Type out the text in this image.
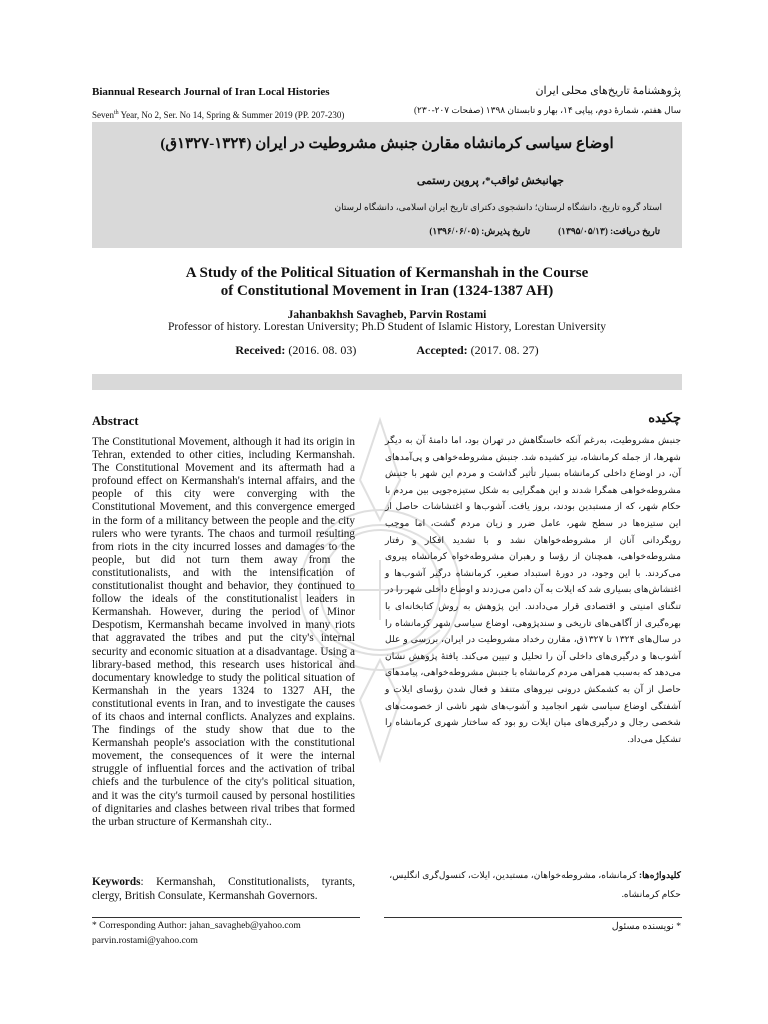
Biannual Research Journal of Iran Local Histories
Seven$^{th}$ Year, No 2, Ser. No 14, Spring & Summer 2019 (PP. 207-230)
پژوهشنامهٔ تاریخ‌های محلی ایران
سال هفتم، شمارهٔ دوم، پیاپی ۱۴، بهار و تابستان ۱۳۹۸ (صفحات ۲۰۷-۲۳۰)
اوضاع سیاسی کرمانشاه مقارن جنبش مشروطیت در ایران (۱۳۲۴-۱۳۲۷ق)
جهانبخش ثواقب*، پروین رستمی
استاد گروه تاریخ، دانشگاه لرستان؛ دانشجوی دکترای تاریخ ایران اسلامی، دانشگاه لرستان
تاریخ دریافت: (۱۳۹۵/۰۵/۱۳)
تاریخ پذیرش: (۱۳۹۶/۰۶/۰۵)
A Study of the Political Situation of Kermanshah in the Course
of Constitutional Movement in Iran (1324-1387 AH)
Jahanbakhsh Savagheb, Parvin Rostami
Professor of history. Lorestan University; Ph.D Student of Islamic History, Lorestan University
Received: (2016. 08. 03)	Accepted: (2017. 08. 27)
Abstract
The Constitutional Movement, although it had its origin in Tehran, extended to other cities, including Kermanshah. The Constitutional Movement and its aftermath had a profound effect on Kermanshah's internal affairs, and the people of this city were converging with the Constitutional Movement, and this convergence emerged in the form of a militancy between the people and the city rulers who were tyrants. The chaos and turmoil resulting from riots in the city incurred losses and damages to the people, but did not turn them away from the constitutionalists, and with the intensification of constitutionalist thought and behavior, they continued to follow the ideals of the constitutionalist leaders in Kermanshah. However, during the period of Minor Despotism, Kermanshah became involved in many riots that aggravated the tribes and put the city's internal security and economic situation at a disadvantage. Using a library-based method, this research uses historical and documentary knowledge to study the political situation of Kermanshah in the years 1324 to 1327 AH, the constitutional events in Iran, and to investigate the causes of its chaos and internal conflicts. Analyzes and explains. The findings of the study show that due to the Kermanshah people's association with the constitutional movement, the consequences of it were the internal struggle of influential forces and the activation of tribal chiefs and the turbulence of the city's political situation, and it was the city's turmoil caused by personal hostilities of dignitaries and clashes between rival tribes that formed the urban structure of Kermanshah city..
Keywords: Kermanshah, Constitutionalists, tyrants, clergy, British Consulate, Kermanshah Governors.
چکیده
جنبش مشروطیت، به‌رغم آنکه خاستگاهش در تهران بود، اما دامنهٔ آن به دیگر شهرها، از جمله کرمانشاه، نیز کشیده شد. جنبش مشروطه‌خواهی و پی‌آمدهای آن، در اوضاع داخلی کرمانشاه بسیار تأثیر گذاشت و مردم این شهر با جنبش مشروطه‌خواهی همگرا شدند و این همگرایی به شکل ستیزه‌جویی بین مردم با حکام شهر، که از مستبدین بودند، بروز یافت. آشوب‌ها و اغتشاشات حاصل از این ستیزه‌ها در سطح شهر، عامل ضرر و زیان مردم گشت، اما موجب رویگردانی آنان از مشروطه‌خواهان نشد و با تشدید افکار و رفتار مشروطه‌خواهی، همچنان از رؤسا و رهبران مشروطه‌خواه کرمانشاه پیروی می‌کردند. با این وجود، در دورهٔ استبداد صغیر، کرمانشاه درگیر آشوب‌ها و اغتشاش‌های بسیاری شد که ایلات به آن دامن می‌زدند و اوضاع داخلی شهر را در تنگنای امنیتی و اقتصادی قرار می‌دادند. این پژوهش به روش کتابخانه‌ای با بهره‌گیری از آگاهی‌های تاریخی و سندپژوهی، اوضاع سیاسی شهر کرمانشاه را در سال‌های ۱۳۲۴ تا ۱۳۲۷ق، مقارن رخداد مشروطیت در ایران، بررسی و علل آشوب‌ها و درگیری‌های داخلی آن را تحلیل و تبیین می‌کند. یافتهٔ پژوهش نشان می‌دهد که به‌سبب همراهی مردم کرمانشاه با جنبش مشروطه‌خواهی، پیامدهای حاصل از آن به کشمکش درونی نیروهای متنفذ و فعال شدن رؤسای ایلات و آشفتگی اوضاع سیاسی شهر انجامید و آشوب‌های شهر ناشی از خصومت‌های شخصی رجال و درگیری‌های میان ایلات رو بود که ساختار شهری کرمانشاه را تشکیل می‌داد.
کلیدواژه‌ها: کرمانشاه، مشروطه‌خواهان، مستبدین، ایلات، کنسول‌گری انگلیس، حکام کرمانشاه.
* Corresponding Author: jahan_savagheb@yahoo.com
parvin.rostami@yahoo.com
* نویسنده مسئول
